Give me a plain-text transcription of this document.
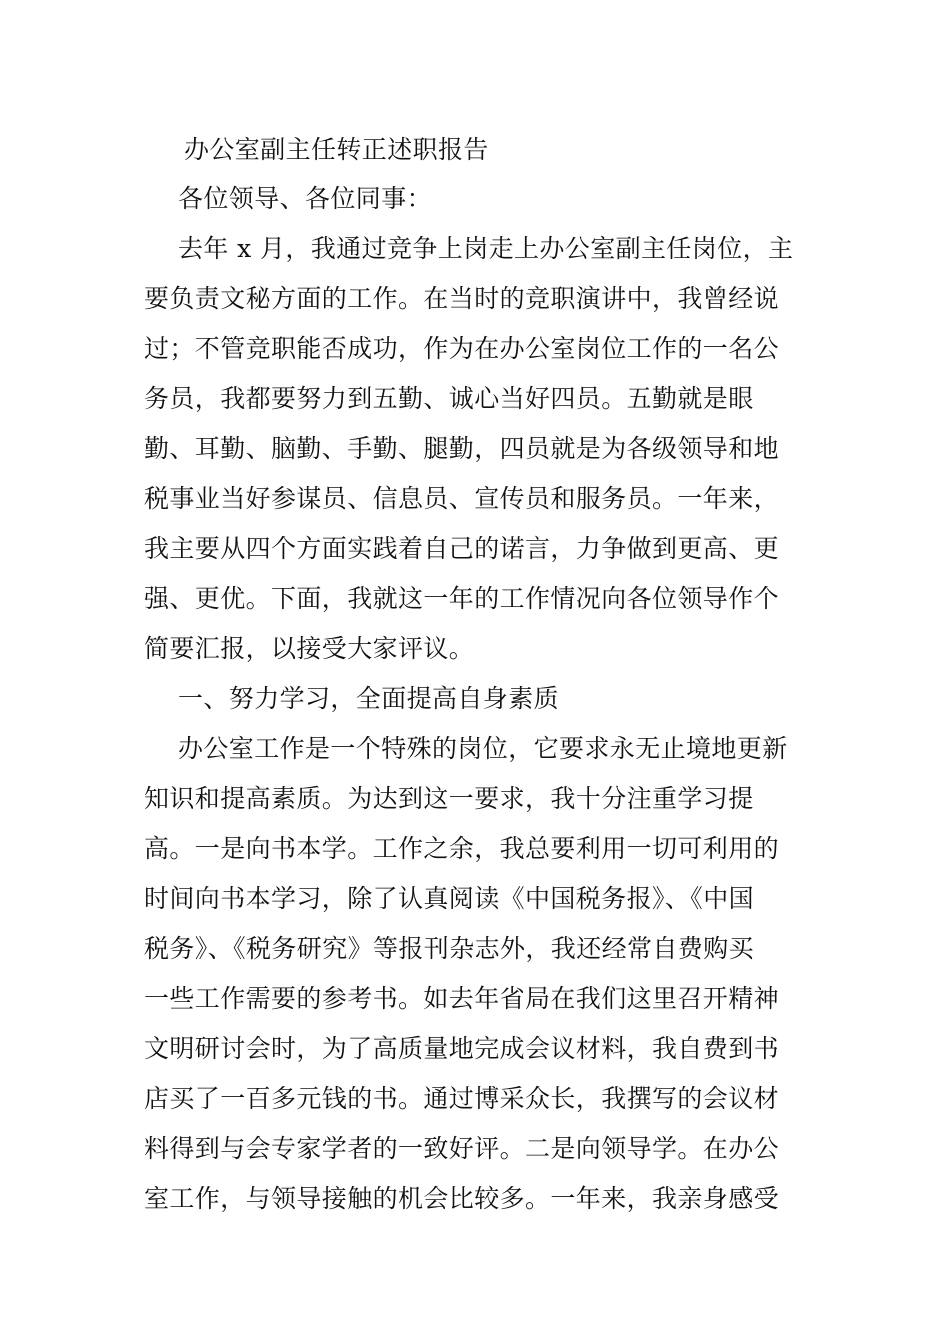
办公室副主任转正述职报告
各位领导、各位同事：
去年 x 月，我通过竞争上岗走上办公室副主任岗位，主
要负责文秘方面的工作。在当时的竞职演讲中，我曾经说
过；不管竞职能否成功，作为在办公室岗位工作的一名公
务员，我都要努力到五勤、诚心当好四员。五勤就是眼
勤、耳勤、脑勤、手勤、腿勤，四员就是为各级领导和地
税事业当好参谋员、信息员、宣传员和服务员。一年来，
我主要从四个方面实践着自己的诺言，力争做到更高、更
强、更优。下面，我就这一年的工作情况向各位领导作个
简要汇报，以接受大家评议。
一、努力学习，全面提高自身素质
办公室工作是一个特殊的岗位，它要求永无止境地更新
知识和提高素质。为达到这一要求，我十分注重学习提
高。一是向书本学。工作之余，我总要利用一切可利用的
时间向书本学习，除了认真阅读《中国税务报》、《中国
税务》、《税务研究》等报刊杂志外，我还经常自费购买
一些工作需要的参考书。如去年省局在我们这里召开精神
文明研讨会时，为了高质量地完成会议材料，我自费到书
店买了一百多元钱的书。通过博采众长，我撰写的会议材
料得到与会专家学者的一致好评。二是向领导学。在办公
室工作，与领导接触的机会比较多。一年来，我亲身感受
